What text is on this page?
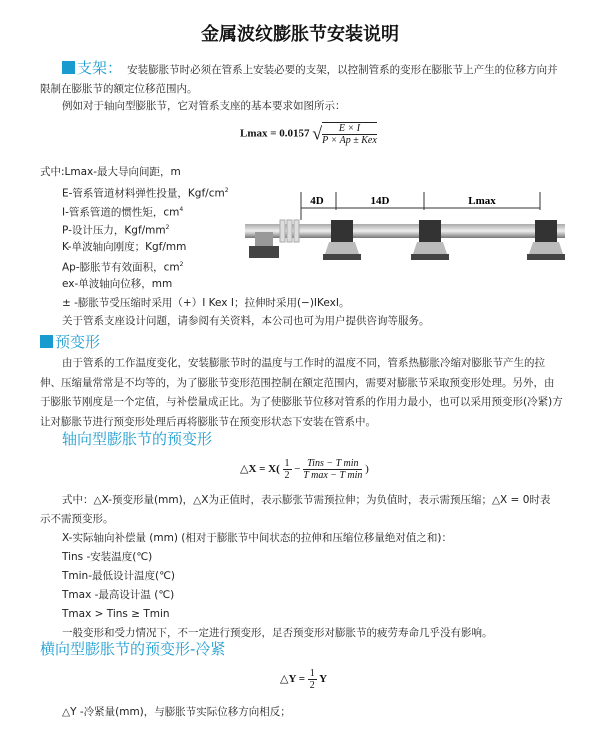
金属波纹膨胀节安装说明
支架： 安装膨胀节时必须在管系上安装必要的支架，以控制管系的变形在膨胀节上产生的位移方向并
限制在膨胀节的额定位移范围内。
例如对于轴向型膨胀节，它对管系支座的基本要求如图所示：
Lmax = 0.0157 √ $\frac{E \times I}{\text{P × Ap ± Kex}}$
式中:Lmax-最大导向间距，m
E-管系管道材料弹性投量，Kgf/$cm^2$
I-管系管道的惯性矩，$cm^4$
P-设计压力，Kgf/$mm^2$
K-单波轴向刚度；Kgf/mm
Ap-膨胀节有效面积，$cm^2$
ex-单波轴向位移，mm
± -膨胀节受压缩时采用（+）I Kex I；拉伸时采用(−)IKexI。
关于管系支座设计问题，请参阅有关资料，本公司也可为用户提供咨询等服务。
4D	14D	Lmax
预变形
由于管系的工作温度变化，安装膨胀节时的温度与工作时的温度不同，管系热膨胀冷缩对膨胀节产生的拉
伸、压缩量常常是不均等的，为了膨胀节变形范围控制在额定范围内，需要对膨胀节采取预变形处理。另外，由
于膨胀节刚度是一个定值，与补偿量成正比。为了使膨胀节位移对管系的作用力最小，也可以采用预变形(冷紧)方
让对膨胀节进行预变形处理后再将膨胀节在预变形状态下安装在管系中。
轴向型膨胀节的预变形
△X = $X( \frac{1}{2} - \frac{\text{Tins − T min}}{\text{T max − T min}}$ )
式中：△X-预变形量(mm)，△X为正值时，表示膨张节需预拉伸；为负值时，表示需预压缩；△X = 0时表
示不需预变形。
X-实际轴向补偿量 (mm) (相对于膨胀节中间状态的拉伸和压缩位移量绝对值之和)：
Tins -安装温度(℃)
Tmin-最低设计温度(℃)
Tmax -最高设计温 (℃)
Tmax > Tins ≥ Tmin
一般变形和受力情况下，不一定进行预变形，足否预变形对膨胀节的疲劳寿命几乎没有影响。
横向型膨胀节的预变形-冷紧
△Y = $\frac{1}{2}$ Y
△Y -冷紧量(mm)，与膨胀节实际位移方向相反；
